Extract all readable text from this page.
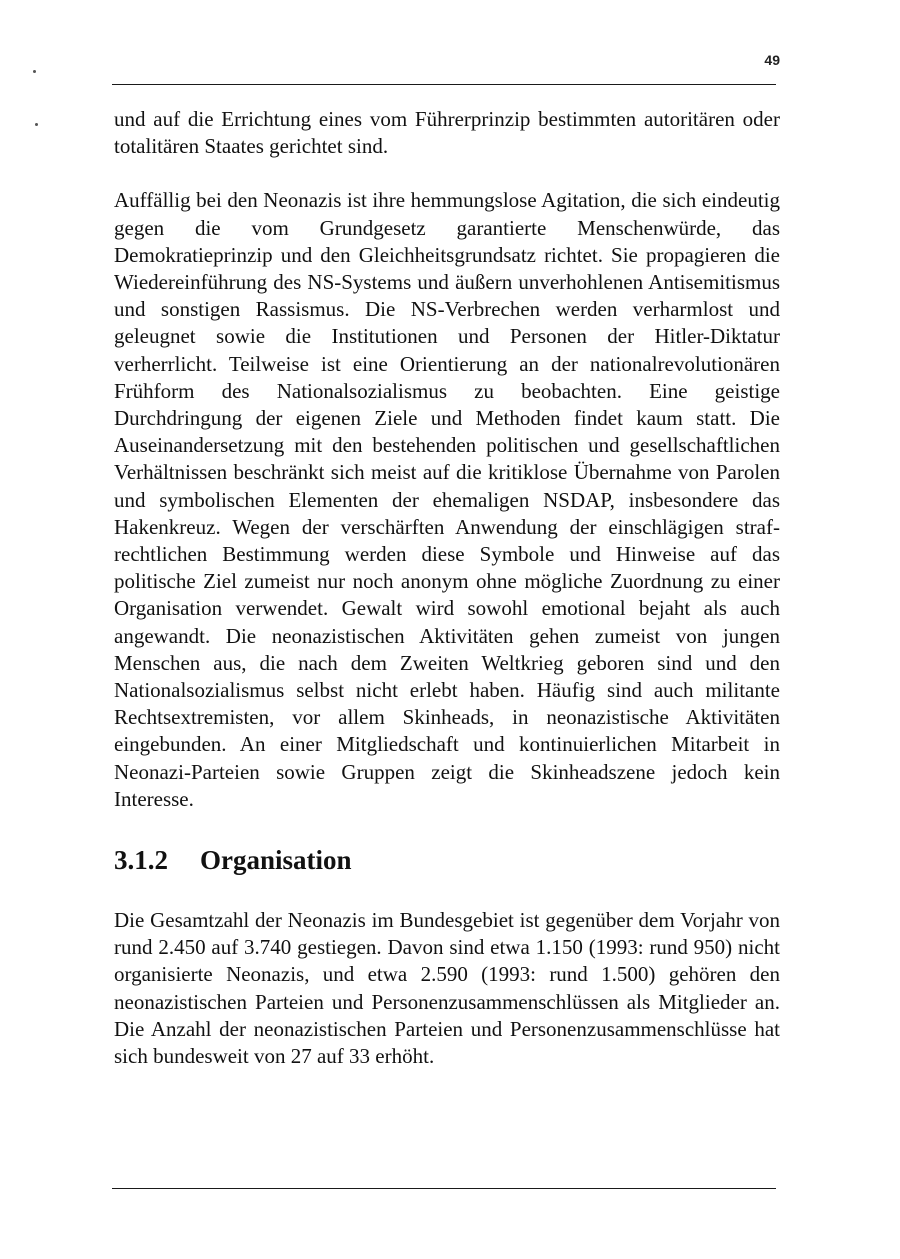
49

und auf die Errichtung eines vom Führerprinzip bestimmten autoritären oder totalitären Staates gerichtet sind.

Auffällig bei den Neonazis ist ihre hemmungslose Agitation, die sich eindeutig gegen die vom Grundgesetz garantierte Menschenwürde, das Demokratieprinzip und den Gleichheitsgrundsatz richtet. Sie propagieren die Wiedereinführung des NS-Systems und äußern unverhohlenen Antisemitismus und sonstigen Rassismus. Die NS-Verbrechen werden verharmlost und geleugnet sowie die Institutionen und Personen der Hitler-Diktatur verherrlicht. Teilweise ist eine Orientierung an der nationalrevolutionären Frühform des Nationalsozialismus zu beobachten. Eine geistige Durchdringung der eigenen Ziele und Methoden findet kaum statt. Die Auseinandersetzung mit den bestehenden politischen und gesellschaftlichen Verhältnissen beschränkt sich meist auf die kritiklose Übernahme von Parolen und symbolischen Elementen der ehemaligen NSDAP, insbesondere das Hakenkreuz. Wegen der verschärften Anwendung der einschlägigen strafrechtlichen Bestimmung werden diese Symbole und Hinweise auf das politische Ziel zumeist nur noch anonym ohne mögliche Zuordnung zu einer Organisation verwendet. Gewalt wird sowohl emotional bejaht als auch angewandt. Die neonazistischen Aktivitäten gehen zumeist von jungen Menschen aus, die nach dem Zweiten Weltkrieg geboren sind und den Nationalsozialismus selbst nicht erlebt haben. Häufig sind auch militante Rechtsextremisten, vor allem Skinheads, in neonazistische Aktivitäten eingebunden. An einer Mitgliedschaft und kontinuierlichen Mitarbeit in Neonazi-Parteien sowie Gruppen zeigt die Skinheadszene jedoch kein Interesse.

3.1.2 Organisation

Die Gesamtzahl der Neonazis im Bundesgebiet ist gegenüber dem Vorjahr von rund 2.450 auf 3.740 gestiegen. Davon sind etwa 1.150 (1993: rund 950) nicht organisierte Neonazis, und etwa 2.590 (1993: rund 1.500) gehören den neonazistischen Parteien und Personenzusammenschlüssen als Mitglieder an. Die Anzahl der neonazistischen Parteien und Personenzusammenschlüsse hat sich bundesweit von 27 auf 33 erhöht.
